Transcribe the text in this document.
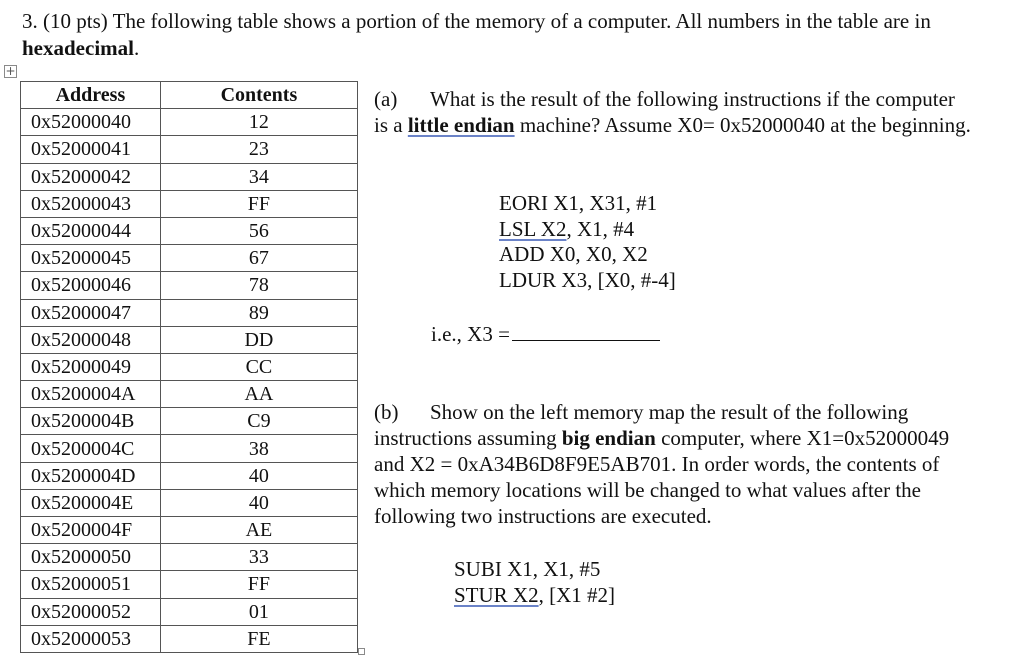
3. (10 pts) The following table shows a portion of the memory of a computer. All numbers in the table are in hexadecimal.
+
Address	Contents
0x52000040	12
0x52000041	23
0x52000042	34
0x52000043	FF
0x52000044	56
0x52000045	67
0x52000046	78
0x52000047	89
0x52000048	DD
0x52000049	CC
0x5200004A	AA
0x5200004B	C9
0x5200004C	38
0x5200004D	40
0x5200004E	40
0x5200004F	AE
0x52000050	33
0x52000051	FF
0x52000052	01
0x52000053	FE
(a) What is the result of the following instructions if the computer is a little endian machine? Assume X0= 0x52000040 at the beginning.
EORI X1, X31, #1
LSL X2, X1, #4
ADD X0, X0, X2
LDUR X3, [X0, #-4]
i.e., X3 =
(b) Show on the left memory map the result of the following instructions assuming big endian computer, where X1=0x52000049 and X2 = 0xA34B6D8F9E5AB701. In order words, the contents of which memory locations will be changed to what values after the following two instructions are executed.
SUBI X1, X1, #5
STUR X2, [X1 #2]
